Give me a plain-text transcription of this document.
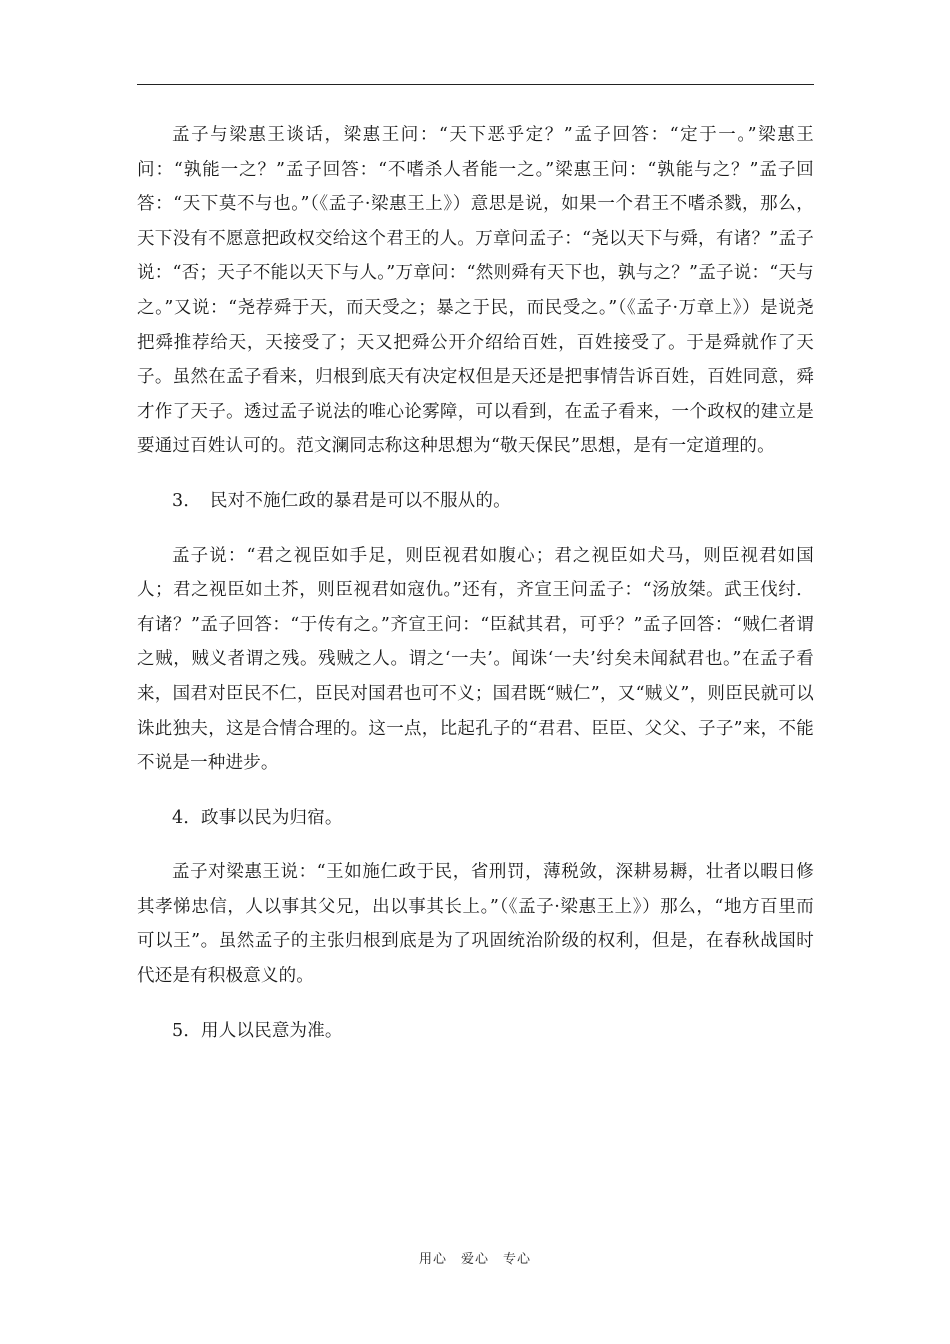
孟子与梁惠王谈话，梁惠王问：“天下恶乎定？”孟子回答：“定于一。”梁惠王问：“孰能一之？”孟子回答：“不嗜杀人者能一之。”梁惠王问：“孰能与之？”孟子回答：“天下莫不与也。”（《孟子·梁惠王上》）意思是说，如果一个君王不嗜杀戮，那么，天下没有不愿意把政权交给这个君王的人。万章问孟子：“尧以天下与舜，有诸？”孟子说：“否；天子不能以天下与人。”万章问：“然则舜有天下也，孰与之？”孟子说：“天与之。”又说：“尧荐舜于天，而天受之；暴之于民，而民受之。”（《孟子·万章上》）是说尧把舜推荐给天，天接受了；天又把舜公开介绍给百姓，百姓接受了。于是舜就作了天子。虽然在孟子看来，归根到底天有决定权但是天还是把事情告诉百姓，百姓同意，舜才作了天子。透过孟子说法的唯心论雾障，可以看到，在孟子看来，一个政权的建立是要通过百姓认可的。范文澜同志称这种思想为“敬天保民”思想，是有一定道理的。

3．　民对不施仁政的暴君是可以不服从的。

孟子说：“君之视臣如手足，则臣视君如腹心；君之视臣如犬马，则臣视君如国人；君之视臣如土芥，则臣视君如寇仇。”还有，齐宣王问孟子：“汤放桀。武王伐纣．有诸？”孟子回答：“于传有之。”齐宣王问：“臣弑其君，可乎？”孟子回答：“贼仁者谓之贼，贼义者谓之残。残贼之人。谓之‘一夫’。闻诛‘一夫’纣矣未闻弑君也。”在孟子看来，国君对臣民不仁，臣民对国君也可不义；国君既“贼仁”，又“贼义”，则臣民就可以诛此独夫，这是合情合理的。这一点，比起孔子的“君君、臣臣、父父、子子”来，不能不说是一种进步。

4．政事以民为归宿。

孟子对梁惠王说：“王如施仁政于民，省刑罚，薄税敛，深耕易耨，壮者以暇日修其孝悌忠信，人以事其父兄，出以事其长上。”（《孟子·梁惠王上》）那么，“地方百里而可以王”。虽然孟子的主张归根到底是为了巩固统治阶级的权利，但是，在春秋战国时代还是有积极意义的。

5．用人以民意为准。

用心　爱心　专心
